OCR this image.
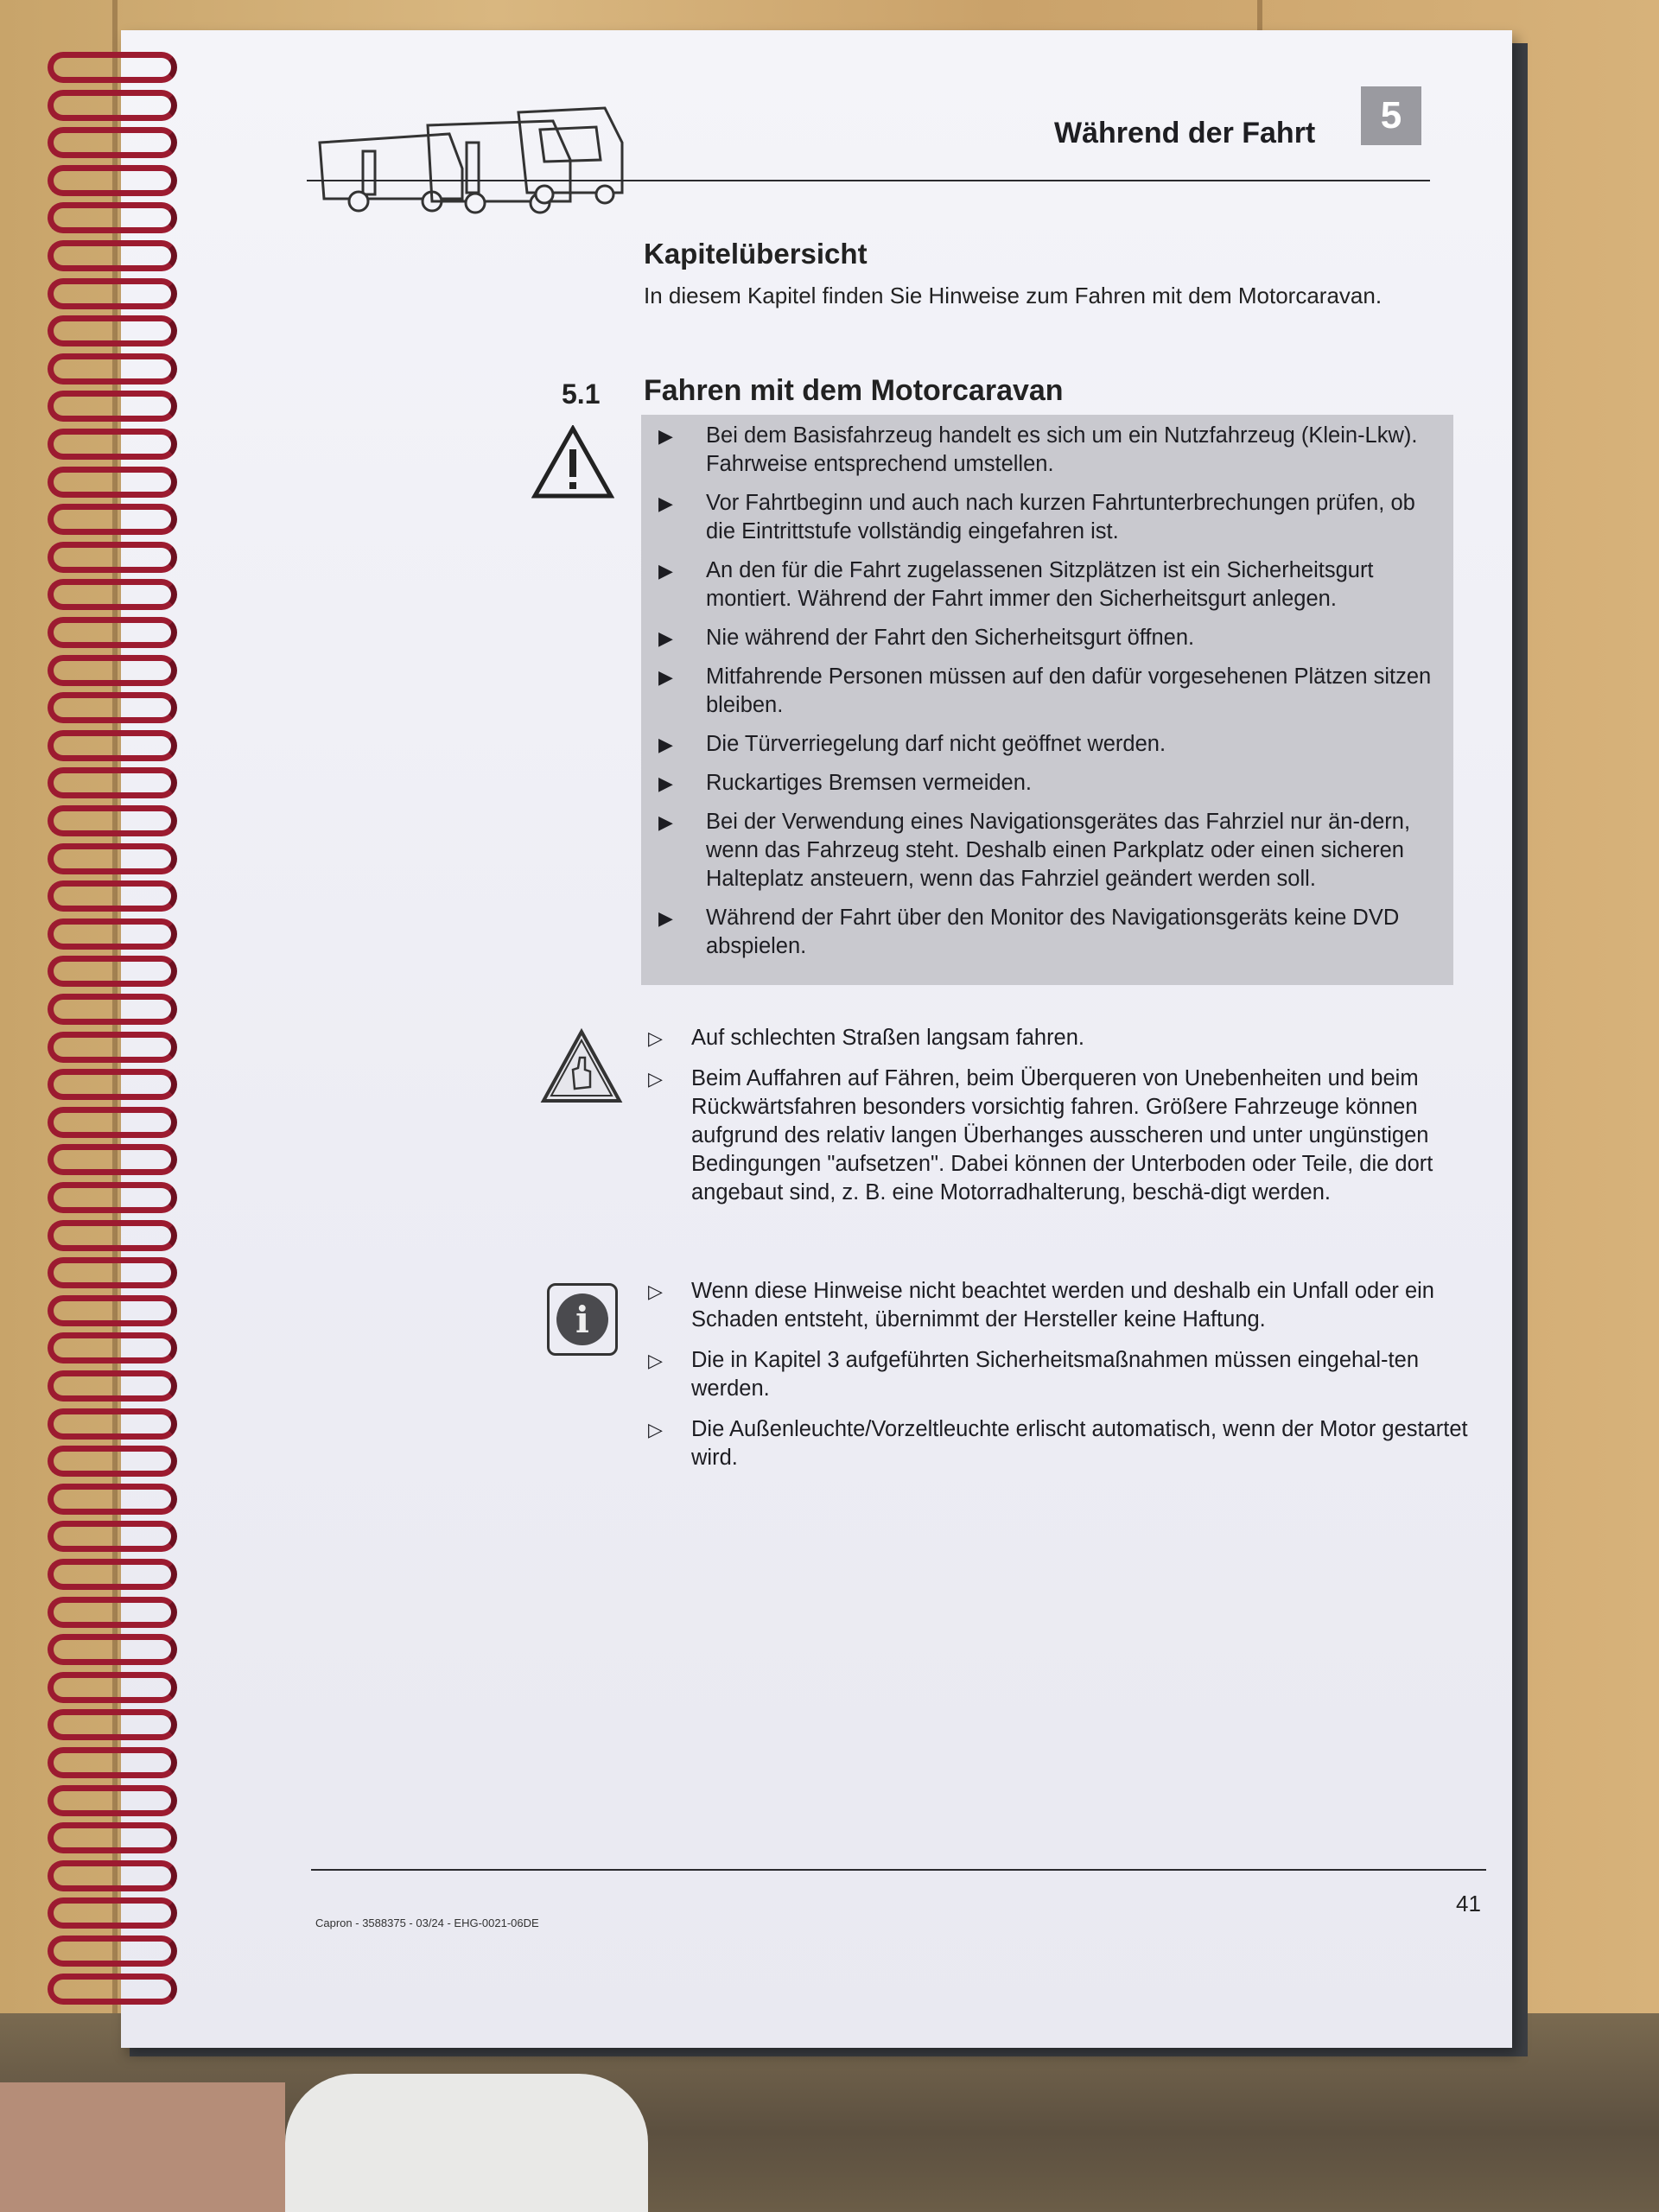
Während der Fahrt	5
Kapitelübersicht
In diesem Kapitel finden Sie Hinweise zum Fahren mit dem Motorcaravan.
5.1 Fahren mit dem Motorcaravan
▶	Bei dem Basisfahrzeug handelt es sich um ein Nutzfahrzeug (Klein-Lkw). Fahrweise entsprechend umstellen.
▶	Vor Fahrtbeginn und auch nach kurzen Fahrtunterbrechungen prüfen, ob die Eintrittstufe vollständig eingefahren ist.
▶	An den für die Fahrt zugelassenen Sitzplätzen ist ein Sicherheitsgurt montiert. Während der Fahrt immer den Sicherheitsgurt anlegen.
▶	Nie während der Fahrt den Sicherheitsgurt öffnen.
▶	Mitfahrende Personen müssen auf den dafür vorgesehenen Plätzen sitzen bleiben.
▶	Die Türverriegelung darf nicht geöffnet werden.
▶	Ruckartiges Bremsen vermeiden.
▶	Bei der Verwendung eines Navigationsgerätes das Fahrziel nur än-dern, wenn das Fahrzeug steht. Deshalb einen Parkplatz oder einen sicheren Halteplatz ansteuern, wenn das Fahrziel geändert werden soll.
▶	Während der Fahrt über den Monitor des Navigationsgeräts keine DVD abspielen.
▷	Auf schlechten Straßen langsam fahren.
▷	Beim Auffahren auf Fähren, beim Überqueren von Unebenheiten und beim Rückwärtsfahren besonders vorsichtig fahren. Größere Fahrzeuge können aufgrund des relativ langen Überhanges ausscheren und unter ungünstigen Bedingungen "aufsetzen". Dabei können der Unterboden oder Teile, die dort angebaut sind, z. B. eine Motorradhalterung, beschä-digt werden.
i
▷	Wenn diese Hinweise nicht beachtet werden und deshalb ein Unfall oder ein Schaden entsteht, übernimmt der Hersteller keine Haftung.
▷	Die in Kapitel 3 aufgeführten Sicherheitsmaßnahmen müssen eingehal-ten werden.
▷	Die Außenleuchte/Vorzeltleuchte erlischt automatisch, wenn der Motor gestartet wird.
41
Capron - 3588375 - 03/24 - EHG-0021-06DE
